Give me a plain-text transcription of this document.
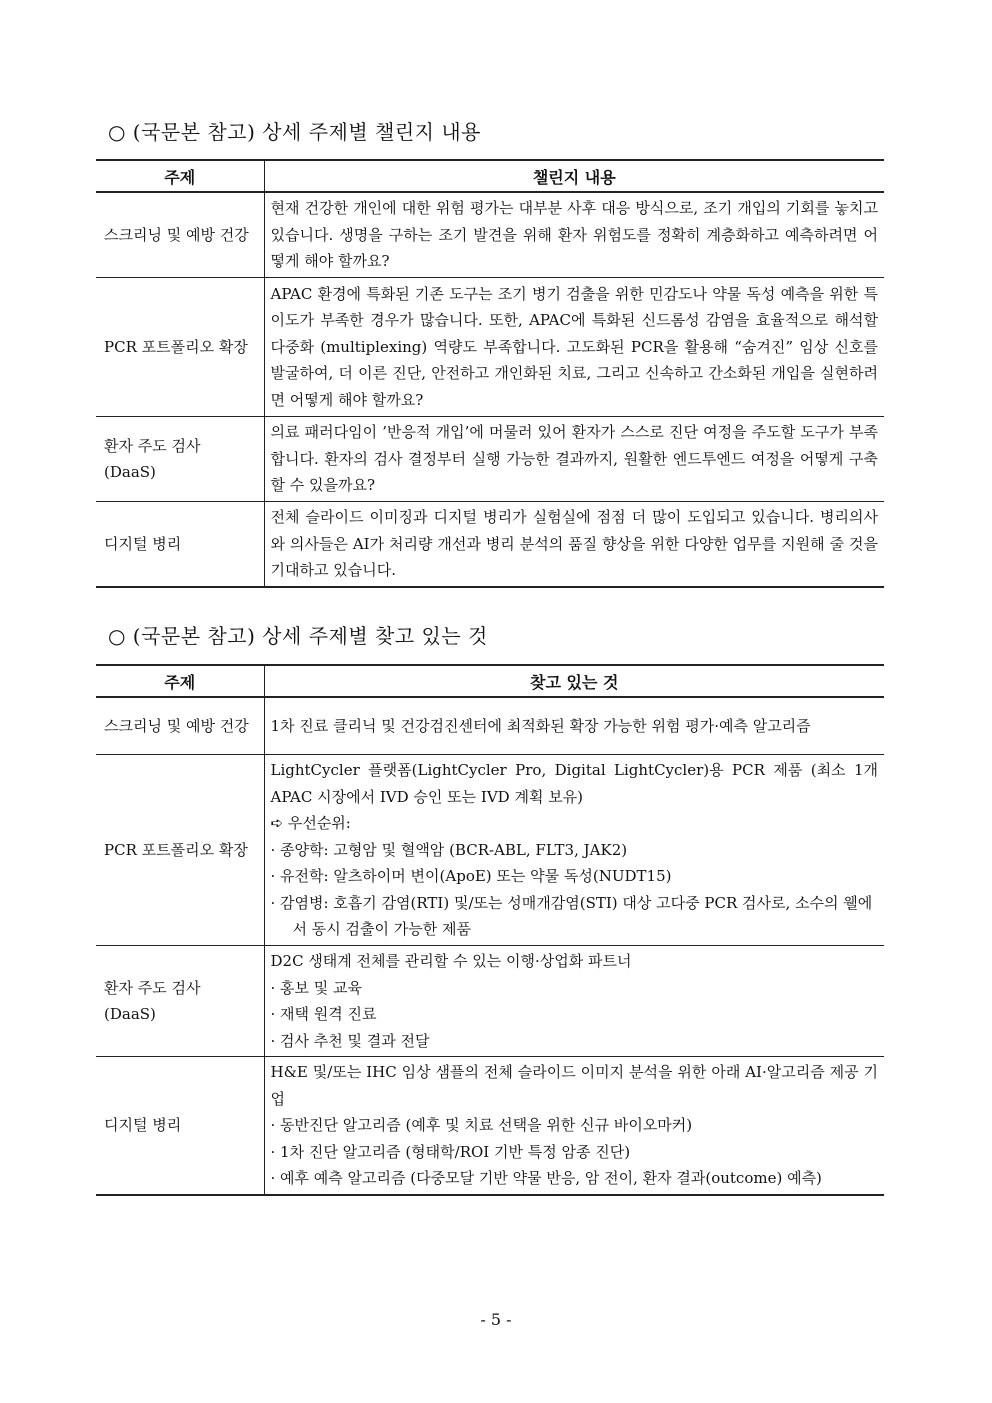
○ (국문본 참고) 상세 주제별 챌린지 내용
주제	챌린지 내용
스크리닝 및 예방 건강	현재 건강한 개인에 대한 위험 평가는 대부분 사후 대응 방식으로, 조기 개입의 기회를 놓치고 있습니다. 생명을 구하는 조기 발견을 위해 환자 위험도를 정확히 계층화하고 예측하려면 어떻게 해야 할까요?
PCR 포트폴리오 확장	APAC 환경에 특화된 기존 도구는 조기 병기 검출을 위한 민감도나 약물 독성 예측을 위한 특이도가 부족한 경우가 많습니다. 또한, APAC에 특화된 신드롬성 감염을 효율적으로 해석할 다중화 (multiplexing) 역량도 부족합니다. 고도화된 PCR을 활용해 “숨겨진” 임상 신호를 발굴하여, 더 이른 진단, 안전하고 개인화된 치료, 그리고 신속하고 간소화된 개입을 실현하려면 어떻게 해야 할까요?
환자 주도 검사 (DaaS)	의료 패러다임이 ’반응적 개입’에 머물러 있어 환자가 스스로 진단 여정을 주도할 도구가 부족합니다. 환자의 검사 결정부터 실행 가능한 결과까지, 원활한 엔드투엔드 여정을 어떻게 구축할 수 있을까요?
디지털 병리	전체 슬라이드 이미징과 디지털 병리가 실험실에 점점 더 많이 도입되고 있습니다. 병리의사와 의사들은 AI가 처리량 개선과 병리 분석의 품질 향상을 위한 다양한 업무를 지원해 줄 것을 기대하고 있습니다.
○ (국문본 참고) 상세 주제별 찾고 있는 것
주제	찾고 있는 것
스크리닝 및 예방 건강	1차 진료 클리닉 및 건강검진센터에 최적화된 확장 가능한 위험 평가·예측 알고리즘
PCR 포트폴리오 확장	LightCycler 플랫폼(LightCycler Pro, Digital LightCycler)용 PCR 제품 (최소 1개 APAC 시장에서 IVD 승인 또는 IVD 계획 보유)
➪ 우선순위:
· 종양학: 고형암 및 혈액암 (BCR-ABL, FLT3, JAK2)
· 유전학: 알츠하이머 변이(ApoE) 또는 약물 독성(NUDT15)
· 감염병: 호흡기 감염(RTI) 및/또는 성매개감염(STI) 대상 고다중 PCR 검사로, 소수의 웰에서 동시 검출이 가능한 제품

환자 주도 검사 (DaaS)	D2C 생태계 전체를 관리할 수 있는 이행·상업화 파트너
· 홍보 및 교육
· 재택 원격 진료
· 검사 추천 및 결과 전달

디지털 병리	H&E 및/또는 IHC 임상 샘플의 전체 슬라이드 이미지 분석을 위한 아래 AI·알고리즘 제공 기업
· 동반진단 알고리즘 (예후 및 치료 선택을 위한 신규 바이오마커)
· 1차 진단 알고리즘 (형태학/ROI 기반 특정 암종 진단)
· 예후 예측 알고리즘 (다중모달 기반 약물 반응, 암 전이, 환자 결과(outcome) 예측)
- 5 -
